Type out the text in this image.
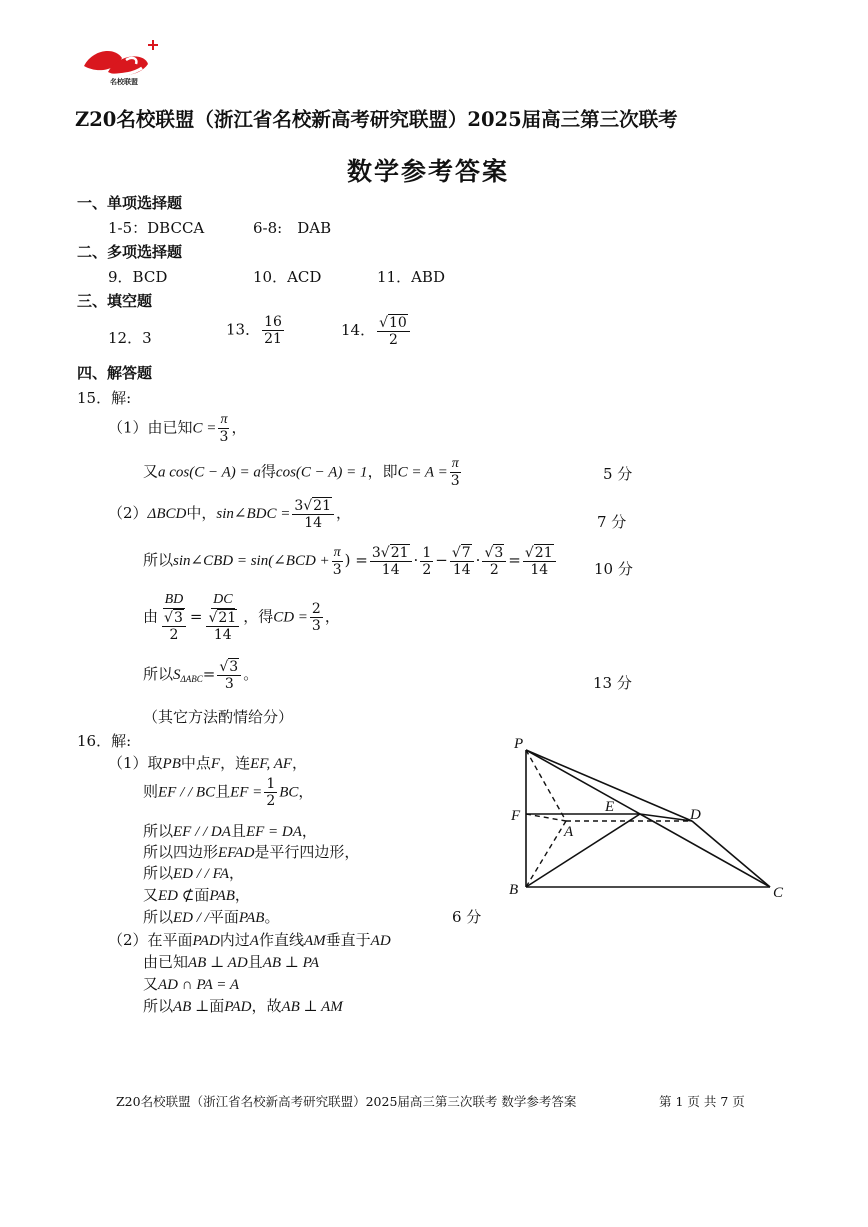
名校联盟
Z20名校联盟（浙江省名校新高考研究联盟）2025届高三第三次联考
数学参考答案
一、单项选择题
1-5：DBCCA	6-8:　DAB
二、多项选择题
9．BCD	10．ACD	11．ABD
三、填空题
12．3	13． $\frac{16}{21}$	14． $\frac{√10}{2}$
四、解答题
15．解:
（1）由已知$C = \frac{\pi}{3}$ ，
又a cos(C − A) = a得cos(C − A) = 1，即$C = A = \frac{\pi}{3}$	5 分
（2）ΔBCD中，sin∠BDC = $\frac{3√21}{14}$ ，	7 分
所以sin∠CBD = sin(∠BCD + $\frac{\pi}{3}$ ) = $\frac{3√21}{14} \cdot \frac{1}{2} - \frac{√7}{14} \cdot \frac{√3}{2} = \frac{√21}{14}$	10 分
由 $\frac{BD}{\frac{√3}{2}} = \frac{DC}{\frac{√21}{14}}$ ，得CD = $\frac{2}{3}$ ，
所以$S_{\Delta ABC}= \frac{√3}{3}$ 。	13 分
（其它方法酌情给分）
16．解:
（1）取PB中点F，连EF, AF，
则EF / / BC且EF = $\frac{1}{2}$ BC，
所以EF / / DA且EF = DA，
所以四边形EFAD是平行四边形，
所以ED / / FA，
又ED ⊄面PAB，
所以ED / /平面PAB。	6 分
（2）在平面PAD内过A作直线AM垂直于AD
由已知AB ⊥ AD且AB ⊥ PA
又AD ∩ PA = A
所以AB ⊥面PAD，故AB ⊥ AM
P
F
E	D
A
B	C
Z20名校联盟（浙江省名校新高考研究联盟）2025届高三第三次联考 数学参考答案	第 1 页 共 7 页
